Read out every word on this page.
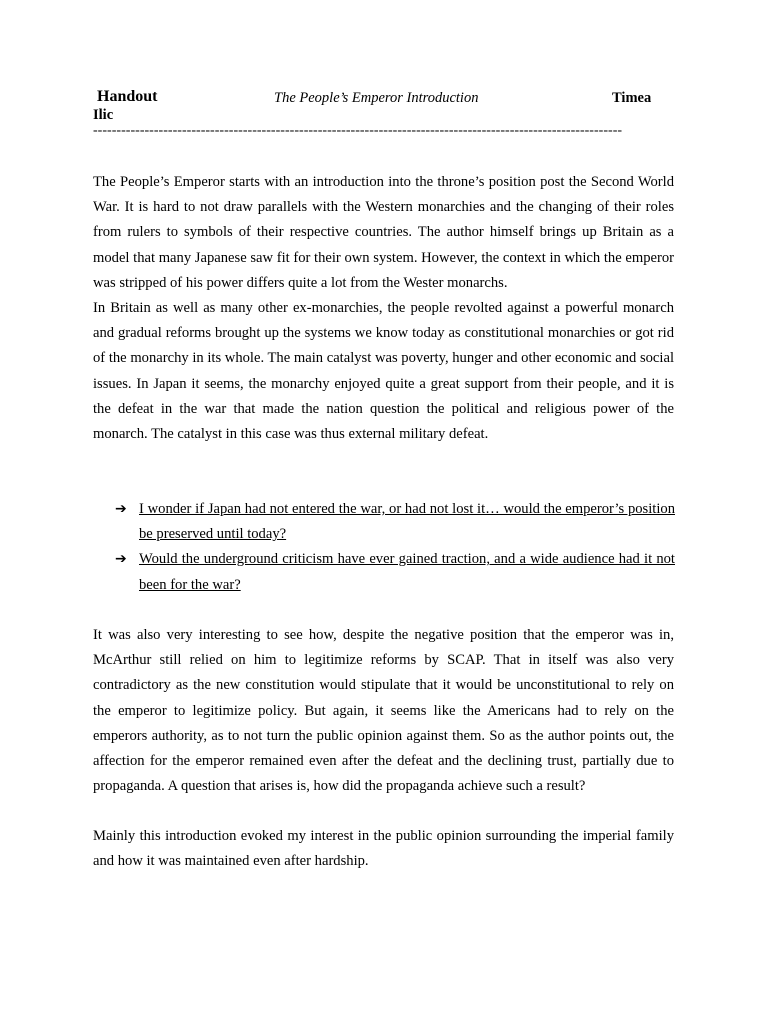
Handout	The People’s Emperor Introduction	Timea
Ilic
-----------------------------------------------------------------------------------------------------------------

The People’s Emperor starts with an introduction into the throne’s position post the Second World War. It is hard to not draw parallels with the Western monarchies and the changing of their roles from rulers to symbols of their respective countries. The author himself brings up Britain as a model that many Japanese saw fit for their own system. However, the context in which the emperor was stripped of his power differs quite a lot from the Wester monarchs.

In Britain as well as many other ex-monarchies, the people revolted against a powerful monarch and gradual reforms brought up the systems we know today as constitutional monarchies or got rid of the monarchy in its whole. The main catalyst was poverty, hunger and other economic and social issues. In Japan it seems, the monarchy enjoyed quite a great support from their people, and it is the defeat in the war that made the nation question the political and religious power of the monarch. The catalyst in this case was thus external military defeat.

➔ I wonder if Japan had not entered the war, or had not lost it… would the emperor’s position be preserved until today?
➔ Would the underground criticism have ever gained traction, and a wide audience had it not been for the war?

It was also very interesting to see how, despite the negative position that the emperor was in, McArthur still relied on him to legitimize reforms by SCAP. That in itself was also very contradictory as the new constitution would stipulate that it would be unconstitutional to rely on the emperor to legitimize policy. But again, it seems like the Americans had to rely on the emperors authority, as to not turn the public opinion against them. So as the author points out, the affection for the emperor remained even after the defeat and the declining trust, partially due to propaganda. A question that arises is, how did the propaganda achieve such a result?

Mainly this introduction evoked my interest in the public opinion surrounding the imperial family and how it was maintained even after hardship.
